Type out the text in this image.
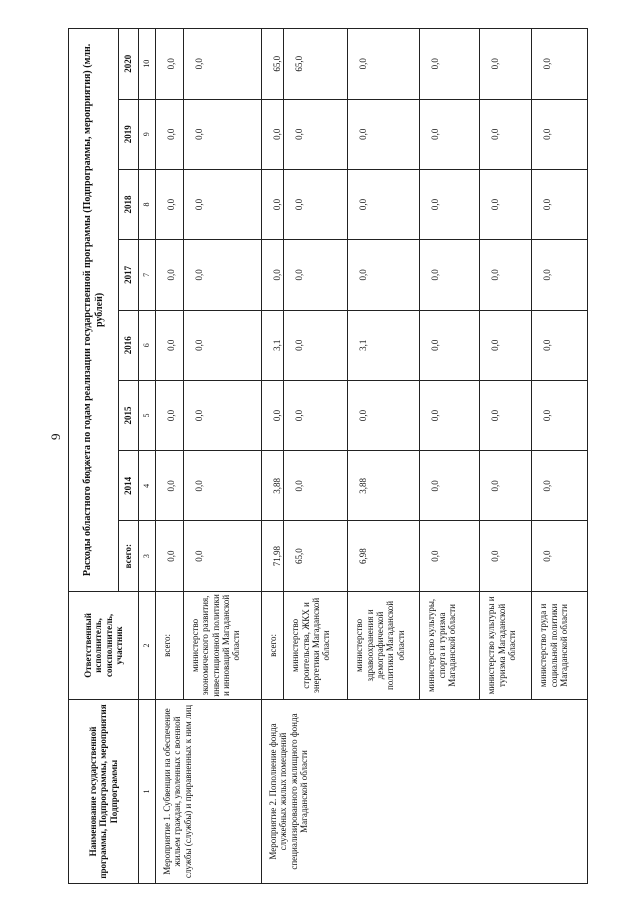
9
Наименование государственной программы, Подпрограммы, мероприятия Подпрограммы	Ответственный исполнитель, соисполнитель, участник	Расходы областного бюджета по годам реализации государственной программы (Подпрограммы, мероприятия) (млн. рублей)							
		всего:	2014	2015	2016	2017	2018	2019	2020
1	2	3	4	5	6	7	8	9	10
Мероприятие 1. Субвенции на обеспечение жильем граждан, уволенных с военной службы (службы) и приравненных к ним лиц	всего:	0,0	0,0	0,0	0,0	0,0	0,0	0,0	0,0
	министерство экономического развития, инвестиционной политики и инноваций Магаданской области	0,0	0,0	0,0	0,0	0,0	0,0	0,0	0,0
Мероприятие 2. Пополнение фонда служебных жилых помещений специализированного жилищного фонда Магаданской области	всего:	71,98	3,88	0,0	3,1	0,0	0,0	0,0	65,0
	министерство строительства, ЖКХ и энергетики Магаданской области	65,0	0,0	0,0	0,0	0,0	0,0	0,0	65,0
	министерство здравоохранения и демографической политики Магаданской области	6,98	3,88	0,0	3,1	0,0	0,0	0,0	0,0
	министерство культуры, спорта и туризма Магаданской области	0,0	0,0	0,0	0,0	0,0	0,0	0,0	0,0
	министерство культуры и туризма Магаданской области	0,0	0,0	0,0	0,0	0,0	0,0	0,0	0,0
	министерство труда и социальной политики Магаданской области	0,0	0,0	0,0	0,0	0,0	0,0	0,0	0,0
